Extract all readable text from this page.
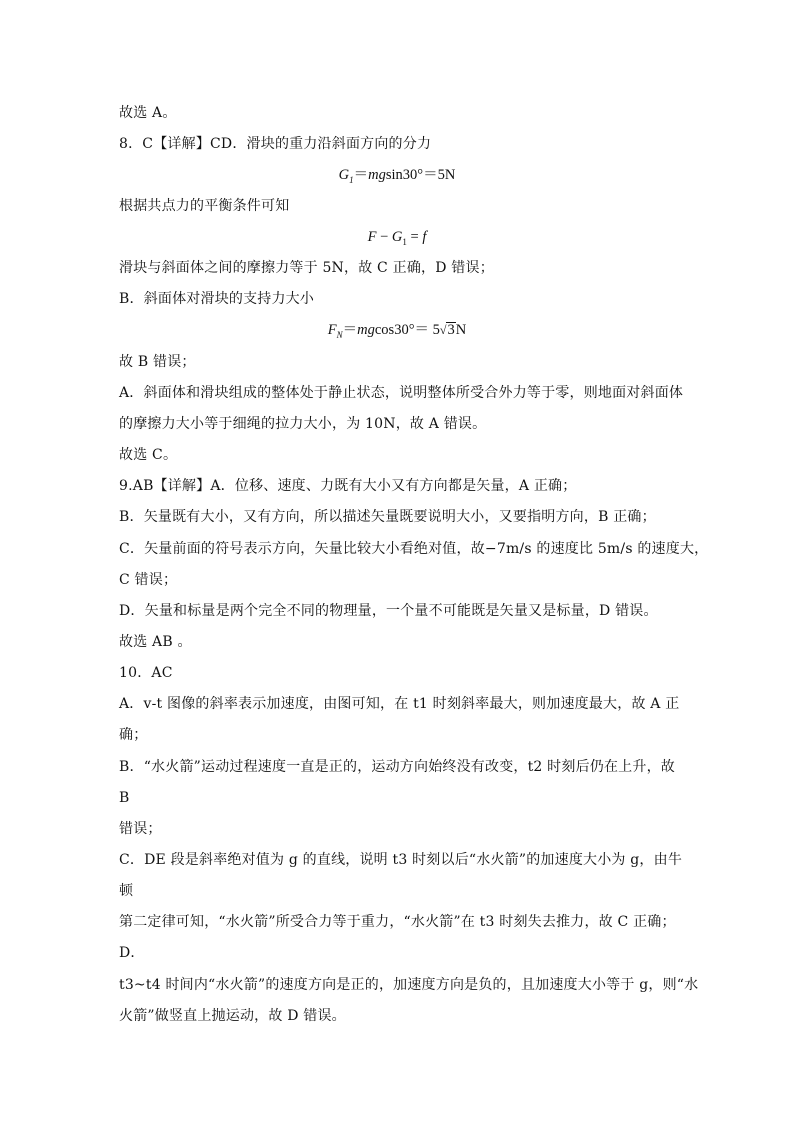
故选 A。
8．C【详解】CD．滑块的重力沿斜面方向的分力
$G_1=mgsin30^\circ=5N$
根据共点力的平衡条件可知
$F - G_1 = f$
滑块与斜面体之间的摩擦力等于 5N，故 C 正确，D 错误；
B．斜面体对滑块的支持力大小
$F_N=mgcos30^\circ= 5√3N$
故 B 错误；
A．斜面体和滑块组成的整体处于静止状态，说明整体所受合外力等于零，则地面对斜面体
的摩擦力大小等于细绳的拉力大小，为 10N，故 A 错误。
故选 C。
9.AB【详解】A．位移、速度、力既有大小又有方向都是矢量，A 正确；
B．矢量既有大小，又有方向，所以描述矢量既要说明大小，又要指明方向，B 正确；
C．矢量前面的符号表示方向，矢量比较大小看绝对值，故−7m/s 的速度比 5m/s 的速度大，
C 错误；
D．矢量和标量是两个完全不同的物理量，一个量不可能既是矢量又是标量，D 错误。
故选 AB 。
10．AC
A．v-t 图像的斜率表示加速度，由图可知，在 t1 时刻斜率最大，则加速度最大，故 A 正
确；
B．“水火箭”运动过程速度一直是正的，运动方向始终没有改变，t2 时刻后仍在上升，故
B
错误；
C．DE 段是斜率绝对值为 g 的直线，说明 t3 时刻以后“水火箭”的加速度大小为 g，由牛
顿
第二定律可知，“水火箭”所受合力等于重力，“水火箭”在 t3 时刻失去推力，故 C 正确；
D．
t3~t4 时间内“水火箭”的速度方向是正的，加速度方向是负的，且加速度大小等于 g，则“水
火箭”做竖直上抛运动，故 D 错误。
